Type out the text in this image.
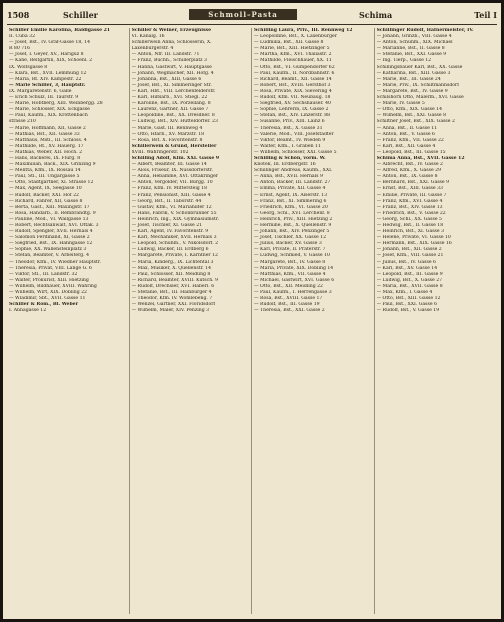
1508	Schiller	Schmoll–Pasta	Schima	Teil I
Schiller Emilie Karolina, Baldigasse 21
II. Cuba 32
— Josef, Bst., IV. Graf-Gasse 18, 14
R 80 716
— Josef, I. Geyer, XV., Hariguz 8
— Kane, Reitgärtin, XIX, Schoenl. 2
IX. Wolfsgasse 8
— Klara, Bst., XVII. Lemmung 12
— Maria, Rt. XIV. Kampestr. 22
— Marie Schiller, 3, Hauptstr.
IX. Margaretenstr. 6, Galle
— Erich Schulz, III. Taurstr. 9
— Marie, Hobtberg, XIII. Weinbergg. 28
— Marie, Schlosser, XIX. Eckgasse
— Paul, Kaufm., XIX. Krottenbach
strasse 210
— Marie, Hoffmann, XII, Gasse 2
— Mathias, Bst., XII. Gasse 33
— Matthäus, Mstl., III. Schloss. 4
— Mathilde, Rt., XV. Hauerg. 17
— Mathias, Weber, XII. Hoch. 2
— Hans, Bäckerei, IX. Flurg. 8
— Maximilian, Bäck., XIX. Grinzing 9
— Melitta, Kfm., IX. Rossau 14
— Paul, Stl., III. Ungargasse 5
— Otto, Stadtgartner, XI. Strasse 12
— Max, Agent, IX, Seegasse 10
— Rudolf, Bäcker, XXI. Hof 22
— Richard, Fahrer, XII, Gasse 8
— Berta, Gast., XIII. Maxingstr. 17
— Rosa, Handarb., II. Rembrandtg. 9
— Pauline, Mod., VI. Wallgasse 13
— Robert, Rechtsanwalt, XVI. Ottak. 3
— Rudolf, Spengler, XVII. Hernals 4
— Salomon Ferdinand, XI, Gasse 2
— Siegfried, Bst., IX. Hahngasse 12
— Sophie, XX. Wallensteinplatz 3
— Stefan, Beamter, V. Arbeiterg. 4
— Theodor, Kfm., IV. Wiedner Hauptstr.
— Theresia, Privat, VIII. Lange G. 6
— Viktor, Stl., III. Landstr. 32
— Walter, Prokurist, XIII. Hietzing
— Wilhelm, Bildhauer, XVIII. Währing
— Wilhelm, Wirt, XIX. Döbling 22
— Wladimir, Sbt., XVII. Gasse 11
Schiller & Rom., Bl. Weber
I. Annagasse 12
Schiller & Weiner, Erzeugnisse
VI. Kanalg. 16
Schillerwein Anna, Schlosserin, X.
Laxenburgerstr. 4
— Anton, Nfr. III. Landstr. 71
— Franz, Buchh., Schillerplatz 3
— Hanna, Gastwirt, V. Hauptgasse
— Johann, Wegmacher, XII. Hofg. 4
— Johanna, Bst., XIII, Gasse 6
— Josef, Bst., XI. Simmeringer Str.
— Karl, Hbt., VIII. Lerchenfelderstr.
— Karl, Hilfsarb., XVI. Stiegl. 22
— Karoline, Bst., IX. Porzellang. 8
— Laurenz, Gärtner, XII. Gasse 7
— Leopoldine, Bst., XX. Dresdner. 8
— Ludwig, Bst., XIV. Hütteldorfer. 23
— Marie, Gast. III. Rennweg 4
— Otto, Hfarb., XV. Märzstr. 18
— Rosa, Bst. X. Favoritenstr. 8
Schillerwein & Grund, Hersteller
XVIII. Währingerstr. 102
Schilling Adolf, Kfm. XXI. Gasse 9
— Albert, Beamter, III. Gasse 14
— Alois, Friseur, IX. Nussdorferstr.
— Anna, Hebamme, XVI. Ottakringer
— Anton, Vergolder, VII. Burgg. 10
— Franz, Kfm. IV. Mittersteig 18
— Franz, Pensionist, XIII. Gasse 4
— Georg, Bst., II. Taborstr. 44
— Gustav, Kfm., VI. Mariahilfer 12
— Hans, Fabrik, V. Schönbrunner 55
— Heinrich, Ing., XIX. Gymnasiumstr.
— Josef, Tischler, XI. Gasse 21
— Karl, Agent, IV. Favoritenstr. 9
— Karl, Mechaniker, XVII. Hernals 3
— Leopold, Schuhm., V. Nikolsdorf. 2
— Ludwig, Bäcker, III. Erdberg 6
— Margarete, Private, I. Kärntner 12
— Maria, Kinderg., IX. Lichtental 3
— Max, Musiker, X. Quellenstr. 14
— Paul, Schlosser, XII. Meidling 8
— Richard, Beamter, XVIII. Kutsch. 9
— Rudolf, Drechsler, XVI. Haberl. 6
— Stefanie, Bst., III. Hainburger 4
— Theodor, Kfm. IV. Wohllebeng. 7
— Wenzel, Gärtner, XXI. Floridsdorf
— Wilhelm, Maler, XIV. Penzing 3
Schilling Laura, Priv., III. Rennweg 12
— Leopoldine, Bst., X. Laxenburger
— Ludmilla, Bst., XII. Gasse 8
— Marie, Bst., XIII. Hietzinger 5
— Martha, Kfm., XVI. Thaliastr. 2
— Mathilde, Fleischhauer, XX. 11
— Otto, Bst., VI. Gumpendorfer 62
— Paul, Kaufm., II. Nordbahnstr. 6
— Richard, Beamt., XII. Gasse 14
— Robert, Bst., XVIII. Gersthof 3
— Rosa, Private, XIX. Sievering 4
— Rudolf, Kfm. VII. Neubaug. 18
— Siegfried, XV. Sechshauser. 40
— Sophie, Lehrerin, IX. Gasse 2
— Stefan, Bst., XIV. Linzerstr. 88
— Susanne, Priv., XIII. Lainz 6
— Theresia, Bst., X. Gasse 31
— Valerie, Mod., VIII. Josefstädter
— Viktor, Beamt., IV. Wieden 9
— Walter, Kfm., I. Graben 11
— Wilhelm, Schlosser, XXI. Gasse 5
Schilling & Schön, vorm. W.
Knotek, III. Erdbergstr. 16
Schillinger Andreas, Kaufm., XXI.
— Anna, Bst., XVII. Hernals 9
— Anton, Bäcker, III. Landstr. 27
— Emma, Private, XII. Gasse 4
— Ernst, Agent, IX. Alserstr. 13
— Franz, Bst., XI. Simmering 6
— Friedrich, Kfm., VI. Gasse 20
— Georg, Schl., XVI. Lerchenf. 8
— Heinrich, Priv., XIII. Hietzing 2
— Hermine, Bst., X. Quellenstr. 9
— Johann, Bst., XIV. Penzinger 5
— Josef, Tischler, XX. Gasse 12
— Julius, Bäcker, XV. Gasse 3
— Karl, Private, II. Praterstr. 7
— Ludwig, Schmied, V. Gasse 10
— Margarete, Bst., IV. Gasse 8
— Maria, Private, XIX. Döbling 14
— Matthias, Kfm., VII. Gasse 4
— Michael, Gastwirt, XVI. Gasse 6
— Otto, Bst., XII. Meidling 22
— Paul, Kaufm., I. Herrengasse 3
— Rosa, Bst., XVIII. Gasse 17
— Rudolf, Bst., III. Gasse 19
— Theresia, Bst., XXI. Gasse 2
Schillinger Rudolf, Hafnermeister, IV.
— Johann, Grinzb., VIII. Gasse 4
— Anton, Schuhm., XIX. Michael
— Marianne, Bst., II. Gasse 8
— Stefanie, Bst., XXI. Gasse 9
— Ing. Tierp., Gasse 12
Schillingsbauer Karl, Bst., XX. Gasse
— Katharina, Bst., XIII. Gasse 3
— Marie, Bst., III. Gasse 24
— Marie, Priv., IX. Schiltmannsdorf
— Margarete, Bst., IV. Gasse 9
Schilshorn Otto, Malerm., XVI. Gasse
— Marie, IV. Gasse 5
— Otto, Kfm., XIX. Gasse 14
— Wilhelm, Bst., XXI. Gasse 8
Schiltner Josef, Bst., XIX. Gasse 2
— Anna, Bst., II. Gasse 11
— Anton, Bst., V. Gasse 6
— Franz, Kfm., VII. Gasse 22
— Karl, Bst., XII. Gasse 4
— Leopold, Bst., III. Gasse 15
Schima Anna, Bst., XVII. Gasse 12
— Albrecht, Bst., IV. Gasse 2
— Alfred, Kfm., X. Gasse 29
— Anton, Bst., IX. Gasse 8
— Bernhard, Bst., XXI. Gasse 9
— Ernst, Bst., XIII. Gasse 33
— Emilie, Private, III. Gasse 7
— Franz, Kfm., XVI. Gasse 4
— Franz, Bst., XIV. Gasse 13
— Friedrich, Bst., V. Gasse 22
— Georg, Schl., XX. Gasse 5
— Hedwig, Bst., II. Gasse 18
— Heinrich, Bst., XI. Gasse 3
— Helene, Private, VI. Gasse 10
— Hermann, Bst., XIX. Gasse 16
— Johann, Bst., XII. Gasse 2
— Josef, Kfm., VIII. Gasse 21
— Julius, Bst., IV. Gasse 6
— Karl, Bst., XV. Gasse 14
— Leopold, Bst., III. Gasse 9
— Ludwig, Bst., X. Gasse 27
— Maria, Bst., XVII. Gasse 8
— Max, Kfm., I. Gasse 4
— Otto, Bst., XIII. Gasse 12
— Paul, Bst., XXI. Gasse 6
— Rudolf, Bst., V. Gasse 19
